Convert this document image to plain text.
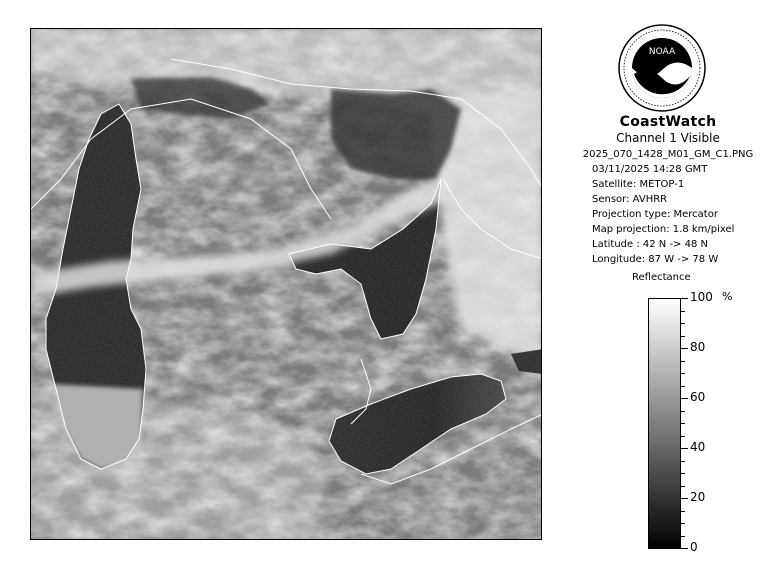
NOAA
CoastWatch
Channel 1 Visible
2025_070_1428_M01_GM_C1.PNG
03/11/2025 14:28 GMT
Satellite: METOP-1
Sensor: AVHRR
Projection type: Mercator
Map projection: 1.8 km/pixel
Latitude : 42 N -> 48 N
Longitude: 87 W -> 78 W
Reflectance
%
100
80
60
40
20
0
